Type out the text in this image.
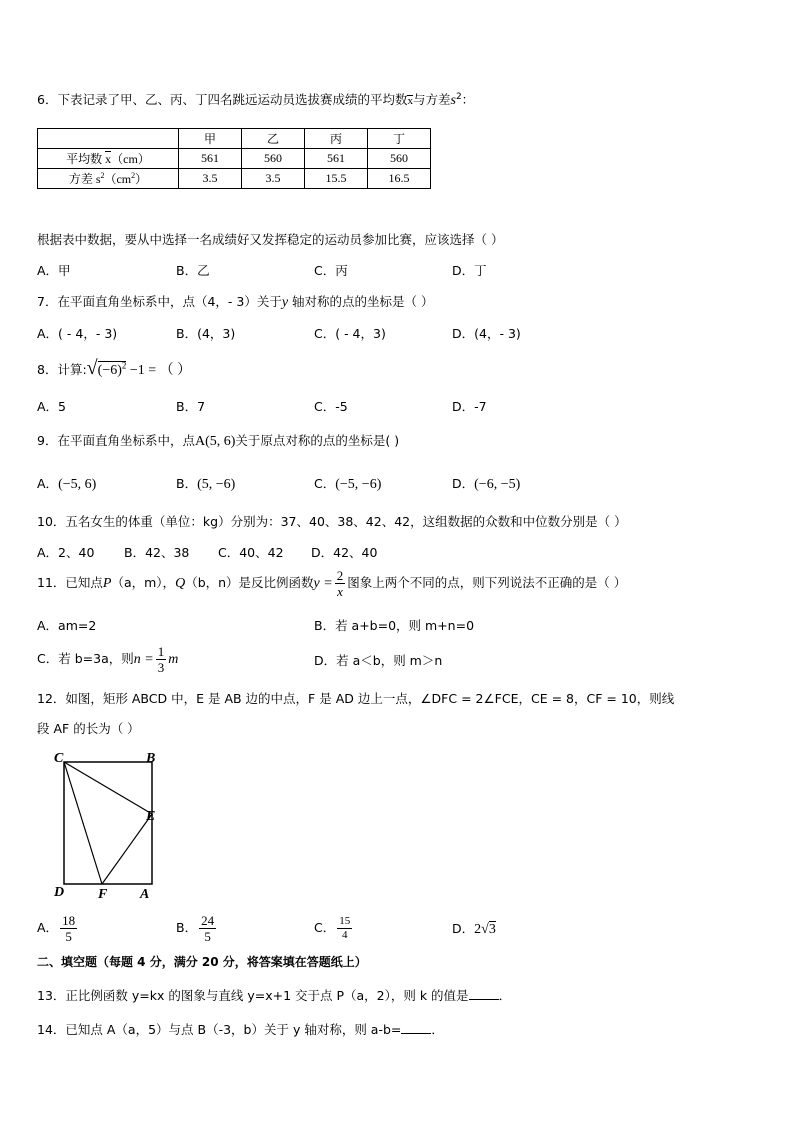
6．下表记录了甲、乙、丙、丁四名跳远运动员选拔赛成绩的平均数x与方差$s^2$：
	甲	乙	丙	丁
平均数 x（cm）	561	560	561	560
方差 $s^2(cm^2)$	3.5	3.5	15.5	16.5
根据表中数据，要从中选择一名成绩好又发挥稳定的运动员参加比赛，应该选择（ ）
A．甲	B．乙	C．丙	D．丁
7．在平面直角坐标系中，点（4，- 3）关于y 轴对称的点的坐标是（ ）
A．( - 4，- 3)	B．(4，3)	C．( - 4，3)	D．(4，- 3)
8．计算$:√(-6)^2 -1$ = （ ）
A．5	B．7	C．-5	D．-7
9．在平面直角坐标系中，点A(5, 6)关于原点对称的点的坐标是( )
A．(−5, 6)	B．(5, −6)	C．(−5, −6)	D．(−6, −5)
10．五名女生的体重（单位：kg）分别为：37、40、38、42、42，这组数据的众数和中位数分别是（ ）
A．2、40 B．42、38 C．40、42 D．42、40
11．已知点P（a，m），Q（b，n）是反比例函数$y = \frac{2}{x}$ 图象上两个不同的点，则下列说法不正确的是（ ）
A．am=2	B．若 a+b=0，则 m+n=0
C．若 b=3a，则$n = \frac{1}{3}$ m	D．若 a＜b，则 m＞n
12．如图，矩形 ABCD 中，E 是 AB 边的中点，F 是 AD 边上一点，∠DFC = 2∠FCE，CE = 8，CF = 10，则线
段 AF 的长为（ ）
C	B
E
D F A
A． $\frac{18}{5}$	B． $\frac{24}{5}$	C． $\frac{15}{4}$	D．2√3
二、填空题（每题 4 分，满分 20 分，将答案填在答题纸上）
13．正比例函数 y=kx 的图象与直线 y=x+1 交于点 P（a，2），则 k 的值是 ．
14．已知点 A（a，5）与点 B（-3，b）关于 y 轴对称，则 a-b= ．
